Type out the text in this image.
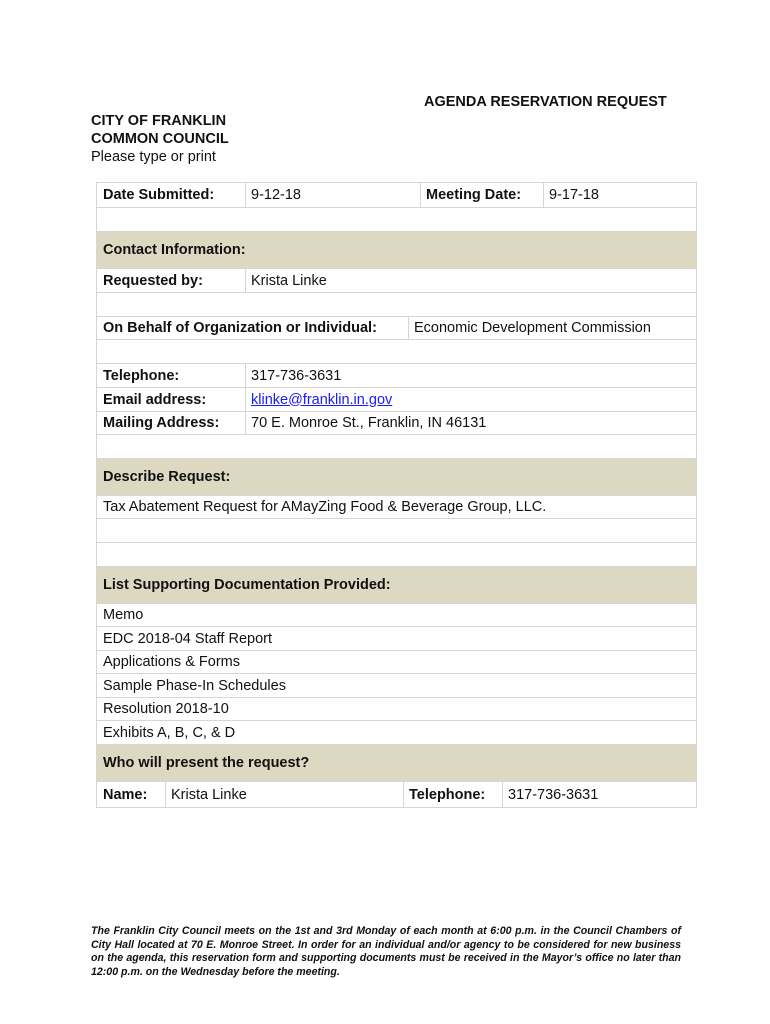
AGENDA RESERVATION REQUEST
CITY OF FRANKLIN
COMMON COUNCIL
Please type or print
Date Submitted:	9-12-18	Meeting Date:	9-17-18
Contact Information:
Requested by:	Krista Linke
On Behalf of Organization or Individual:	Economic Development Commission
Telephone:	317-736-3631
Email address:	klinke@franklin.in.gov
Mailing Address:	70 E. Monroe St., Franklin, IN 46131
Describe Request:
Tax Abatement Request for AMayZing Food & Beverage Group, LLC.
List Supporting Documentation Provided:
Memo
EDC 2018-04 Staff Report
Applications & Forms
Sample Phase-In Schedules
Resolution 2018-10
Exhibits A, B, C, & D
Who will present the request?
Name:	Krista Linke	Telephone:	317-736-3631
The Franklin City Council meets on the 1st and 3rd Monday of each month at 6:00 p.m. in the Council Chambers of City Hall located at 70 E. Monroe Street. In order for an individual and/or agency to be considered for new business on the agenda, this reservation form and supporting documents must be received in the Mayor’s office no later than 12:00 p.m. on the Wednesday before the meeting.
